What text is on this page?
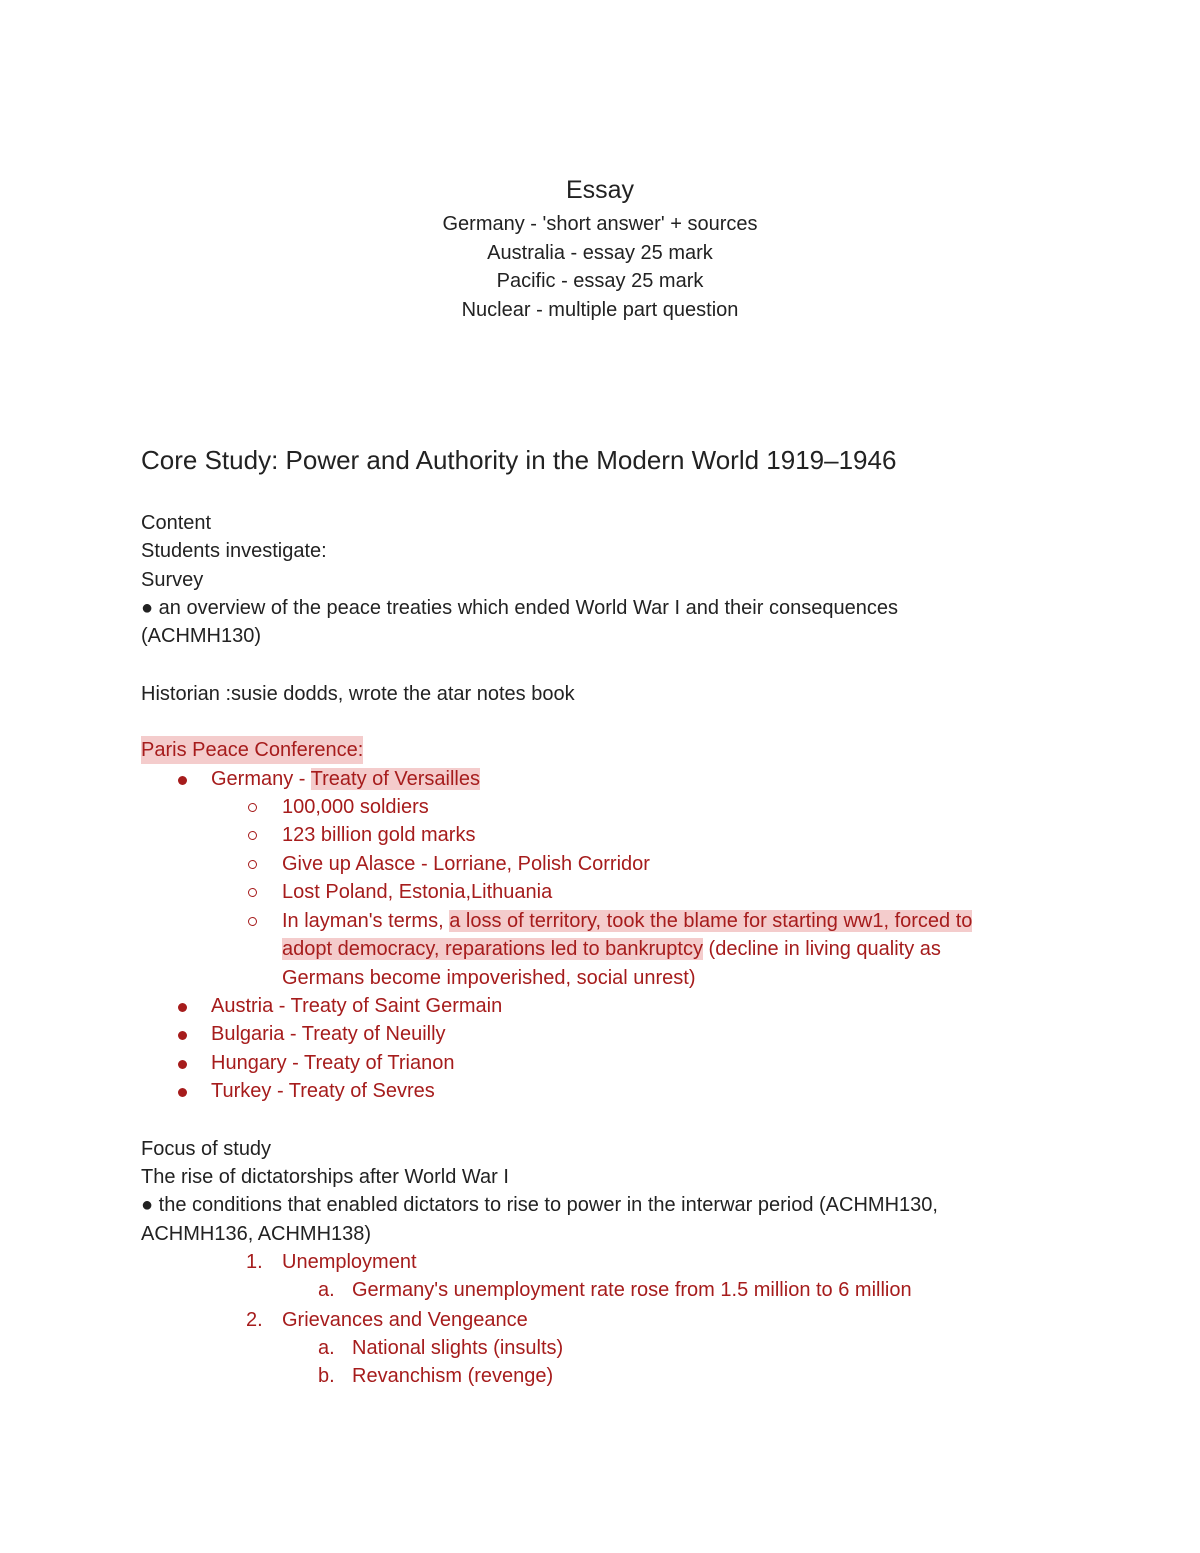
Essay
Germany - 'short answer' + sources
Australia - essay 25 mark
Pacific - essay 25 mark
Nuclear - multiple part question
Core Study: Power and Authority in the Modern World 1919–1946
Content
Students investigate:
Survey
● an overview of the peace treaties which ended World War I and their consequences
(ACHMH130)
Historian :susie dodds, wrote the atar notes book
Paris Peace Conference:
Germany - Treaty of Versailles
100,000 soldiers
123 billion gold marks
Give up Alasce - Lorriane, Polish Corridor
Lost Poland, Estonia,Lithuania
In layman's terms, a loss of territory, took the blame for starting ww1, forced to
adopt democracy, reparations led to bankruptcy (decline in living quality as
Germans become impoverished, social unrest)
Austria - Treaty of Saint Germain
Bulgaria - Treaty of Neuilly
Hungary - Treaty of Trianon
Turkey - Treaty of Sevres
Focus of study
The rise of dictatorships after World War I
● the conditions that enabled dictators to rise to power in the interwar period (ACHMH130,
ACHMH136, ACHMH138)
1. Unemployment
a. Germany's unemployment rate rose from 1.5 million to 6 million
2. Grievances and Vengeance
a. National slights (insults)
b. Revanchism (revenge)
